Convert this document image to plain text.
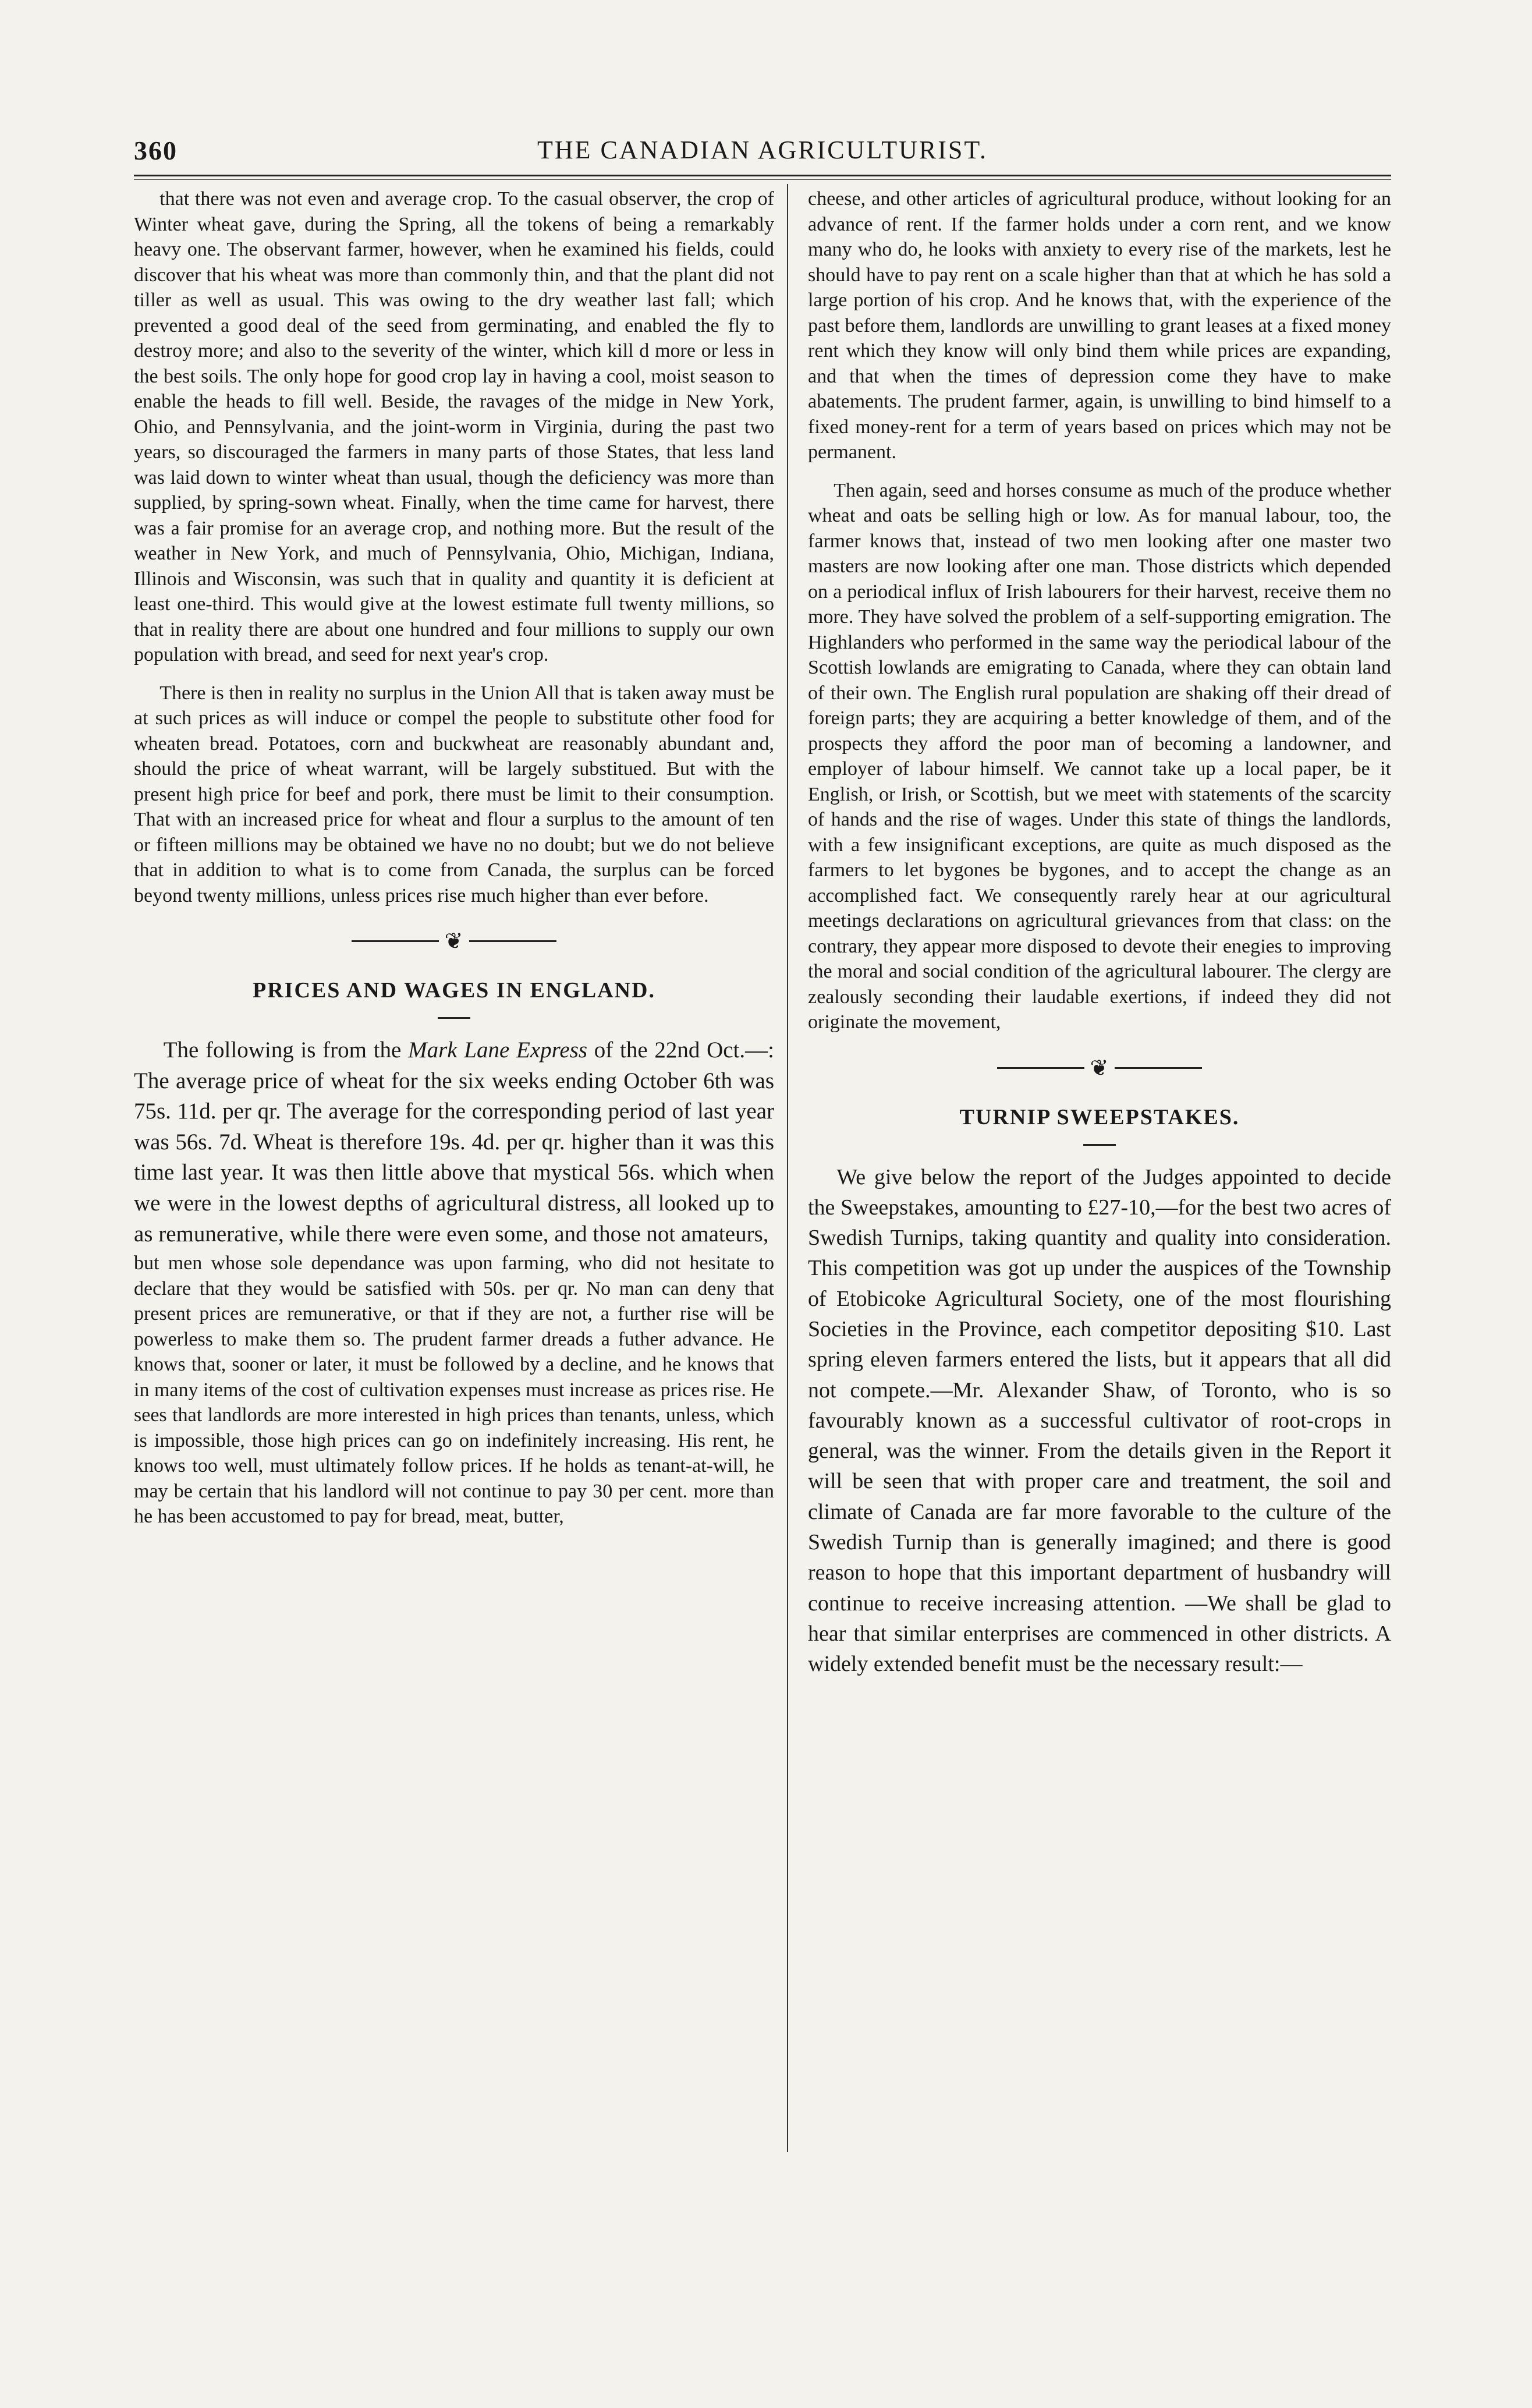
360	THE CANADIAN AGRICULTURIST.

that there was not even and average crop. To the casual observer, the crop of Winter wheat gave, during the Spring, all the tokens of being a remarkably heavy one. The observant farmer, however, when he examined his fields, could discover that his wheat was more than commonly thin, and that the plant did not tiller as well as usual. This was owing to the dry weather last fall; which prevented a good deal of the seed from germinating, and enabled the fly to destroy more; and also to the severity of the winter, which kill d more or less in the best soils. The only hope for good crop lay in having a cool, moist season to enable the heads to fill well. Beside, the ravages of the midge in New York, Ohio, and Pennsylvania, and the joint-worm in Virginia, during the past two years, so discouraged the farmers in many parts of those States, that less land was laid down to winter wheat than usual, though the deficiency was more than supplied, by spring-sown wheat. Finally, when the time came for harvest, there was a fair promise for an average crop, and nothing more. But the result of the weather in New York, and much of Pennsylvania, Ohio, Michigan, Indiana, Illinois and Wisconsin, was such that in quality and quantity it is deficient at least one-third. This would give at the lowest estimate full twenty millions, so that in reality there are about one hundred and four millions to supply our own population with bread, and seed for next year's crop.

There is then in reality no surplus in the Union All that is taken away must be at such prices as will induce or compel the people to substitute other food for wheaten bread. Potatoes, corn and buckwheat are reasonably abundant and, should the price of wheat warrant, will be largely substitued. But with the present high price for beef and pork, there must be limit to their consumption. That with an increased price for wheat and flour a surplus to the amount of ten or fifteen millions may be obtained we have no no doubt; but we do not believe that in addition to what is to come from Canada, the surplus can be forced beyond twenty millions, unless prices rise much higher than ever before.

❦
PRICES AND WAGES IN ENGLAND.

The following is from the Mark Lane Express of the 22nd Oct.—: The average price of wheat for the six weeks ending October 6th was 75s. 11d. per qr. The average for the corresponding period of last year was 56s. 7d. Wheat is therefore 19s. 4d. per qr. higher than it was this time last year. It was then little above that mystical 56s. which when we were in the lowest depths of agricultural distress, all looked up to as remunerative, while there were even some, and those not amateurs,

but men whose sole dependance was upon farming, who did not hesitate to declare that they would be satisfied with 50s. per qr. No man can deny that present prices are remunerative, or that if they are not, a further rise will be powerless to make them so. The prudent farmer dreads a futher advance. He knows that, sooner or later, it must be followed by a decline, and he knows that in many items of the cost of cultivation expenses must increase as prices rise. He sees that landlords are more interested in high prices than tenants, unless, which is impossible, those high prices can go on indefinitely increasing. His rent, he knows too well, must ultimately follow prices. If he holds as tenant-at-will, he may be certain that his landlord will not continue to pay 30 per cent. more than he has been accustomed to pay for bread, meat, butter,

cheese, and other articles of agricultural produce, without looking for an advance of rent. If the farmer holds under a corn rent, and we know many who do, he looks with anxiety to every rise of the markets, lest he should have to pay rent on a scale higher than that at which he has sold a large portion of his crop. And he knows that, with the experience of the past before them, landlords are unwilling to grant leases at a fixed money rent which they know will only bind them while prices are expanding, and that when the times of depression come they have to make abatements. The prudent farmer, again, is unwilling to bind himself to a fixed money-rent for a term of years based on prices which may not be permanent.

Then again, seed and horses consume as much of the produce whether wheat and oats be selling high or low. As for manual labour, too, the farmer knows that, instead of two men looking after one master two masters are now looking after one man. Those districts which depended on a periodical influx of Irish labourers for their harvest, receive them no more. They have solved the problem of a self-supporting emigration. The Highlanders who performed in the same way the periodical labour of the Scottish lowlands are emigrating to Canada, where they can obtain land of their own. The English rural population are shaking off their dread of foreign parts; they are acquiring a better knowledge of them, and of the prospects they afford the poor man of becoming a landowner, and employer of labour himself. We cannot take up a local paper, be it English, or Irish, or Scottish, but we meet with statements of the scarcity of hands and the rise of wages. Under this state of things the landlords, with a few insignificant exceptions, are quite as much disposed as the farmers to let bygones be bygones, and to accept the change as an accomplished fact. We consequently rarely hear at our agricultural meetings declarations on agricultural grievances from that class: on the contrary, they appear more disposed to devote their enegies to improving the moral and social condition of the agricultural labourer. The clergy are zealously seconding their laudable exertions, if indeed they did not originate the movement,

❦
TURNIP SWEEPSTAKES.

We give below the report of the Judges appointed to decide the Sweepstakes, amounting to £27-10,—for the best two acres of Swedish Turnips, taking quantity and quality into consideration. This competition was got up under the auspices of the Township of Etobicoke Agricultural Society, one of the most flourishing Societies in the Province, each competitor depositing $10. Last spring eleven farmers entered the lists, but it appears that all did not compete.—Mr. Alexander Shaw, of Toronto, who is so favourably known as a successful cultivator of root-crops in general, was the winner. From the details given in the Report it will be seen that with proper care and treatment, the soil and climate of Canada are far more favorable to the culture of the Swedish Turnip than is generally imagined; and there is good reason to hope that this important department of husbandry will continue to receive increasing attention. —We shall be glad to hear that similar enterprises are commenced in other districts. A widely extended benefit must be the necessary result:—
